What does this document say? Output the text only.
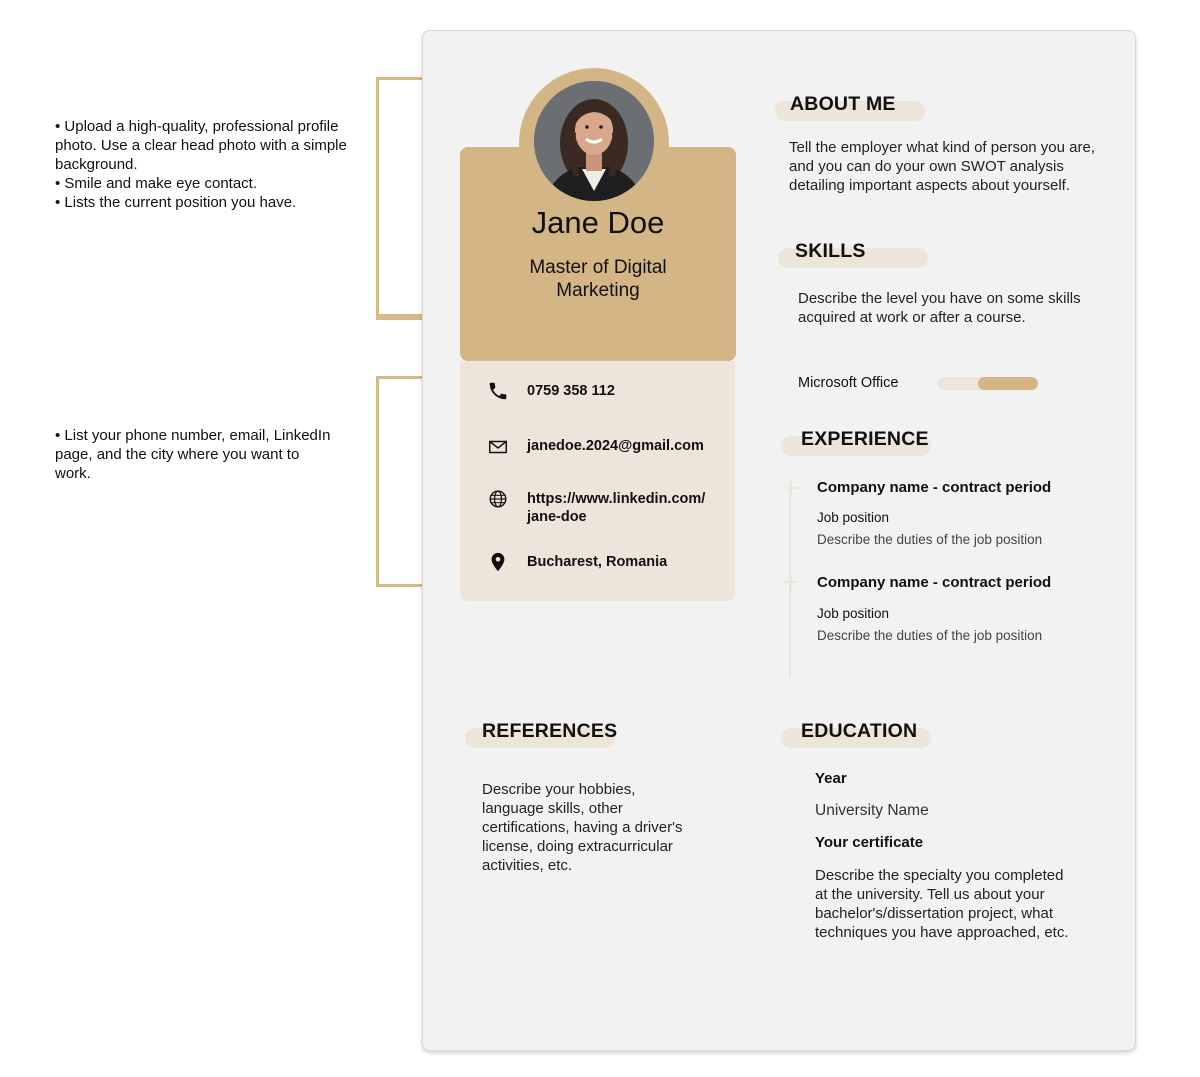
• Upload a high-quality, professional profile
photo. Use a clear head photo with a simple
background.
• Smile and make eye contact.
• Lists the current position you have.
• List your phone number, email, LinkedIn
page, and the city where you want to
work.
Jane Doe
Master of Digital
Marketing
0759 358 112
janedoe.2024@gmail.com
https://www.linkedin.com/
jane-doe
Bucharest, Romania
ABOUT ME
Tell the employer what kind of person you are,
and you can do your own SWOT analysis
detailing important aspects about yourself.
SKILLS
Describe the level you have on some skills
acquired at work or after a course.
Microsoft Office
EXPERIENCE
Company name - contract period
Job position
Describe the duties of the job position
Company name - contract period
Job position
Describe the duties of the job position
REFERENCES
Describe your hobbies,
language skills, other
certifications, having a driver's
license, doing extracurricular
activities, etc.
EDUCATION
Year
University Name
Your certificate
Describe the specialty you completed
at the university. Tell us about your
bachelor's/dissertation project, what
techniques you have approached, etc.
